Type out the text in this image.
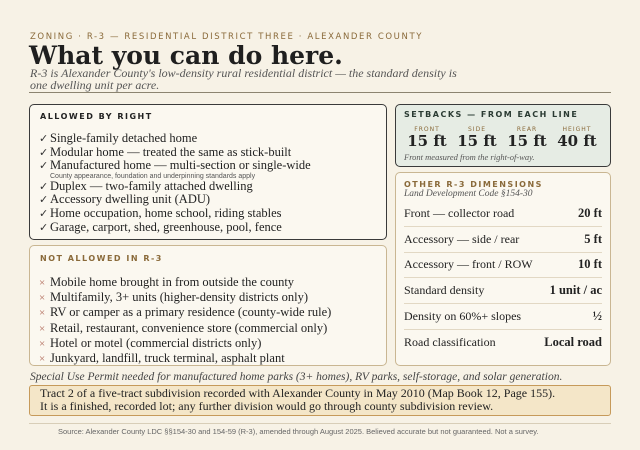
ZONING · R-3 — RESIDENTIAL DISTRICT THREE · ALEXANDER COUNTY
What you can do here.

R-3 is Alexander County's low-density rural residential district — the standard density is one dwelling unit per acre.

ALLOWED BY RIGHT
✓ Single-family detached home
✓ Modular home — treated the same as stick-built
✓ Manufactured home — multi-section or single-wide
County appearance, foundation and underpinning standards apply
✓ Duplex — two-family attached dwelling
✓ Accessory dwelling unit (ADU)
✓ Home occupation, home school, riding stables
✓ Garage, carport, shed, greenhouse, pool, fence
NOT ALLOWED IN R-3
× Mobile home brought in from outside the county
× Multifamily, 3+ units (higher-density districts only)
× RV or camper as a primary residence (county-wide rule)
× Retail, restaurant, convenience store (commercial only)
× Hotel or motel (commercial districts only)
× Junkyard, landfill, truck terminal, asphalt plant
SETBACKS — FROM EACH LINE
FRONT
15 ft
SIDE
15 ft
REAR
15 ft
HEIGHT
40 ft
Front measured from the right-of-way.
OTHER R-3 DIMENSIONS
Land Development Code §154-30
Front — collector road	20 ft
Accessory — side / rear	5 ft
Accessory — front / ROW	10 ft
Standard density	1 unit / ac
Density on 60%+ slopes	½
Road classification	Local road

Special Use Permit needed for manufactured home parks (3+ homes), RV parks, self-storage, and solar generation.

Tract 2 of a five-tract subdivision recorded with Alexander County in May 2010 (Map Book 12, Page 155).
It is a finished, recorded lot; any further division would go through county subdivision review.

Source: Alexander County LDC §§154-30 and 154-59 (R-3), amended through August 2025. Believed accurate but not guaranteed. Not a survey.
